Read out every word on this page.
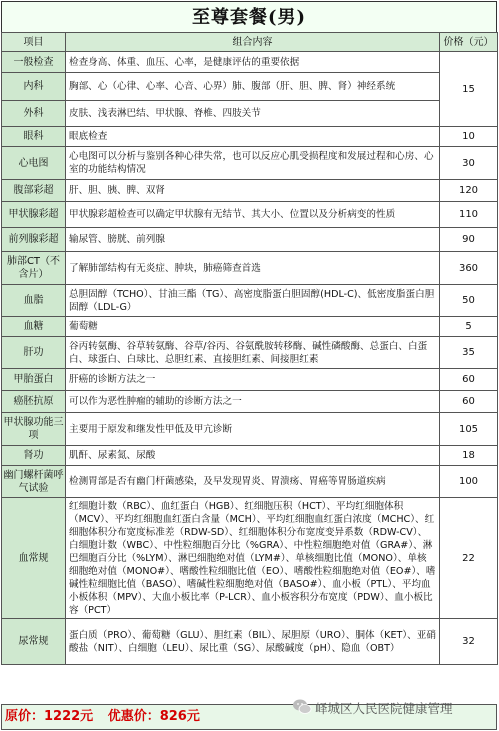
至尊套餐(男)
项目	组合内容	价格（元）
一般检查	检查身高、体重、血压、心率，是健康评估的重要依据	15
内科	胸部、心（心律、心率、心音、心界）肺、腹部（肝、胆、脾、肾）神经系统	
外科	皮肤、浅表淋巴结、甲状腺、脊椎、四肢关节	
眼科	眼底检查	10
心电图	心电图可以分析与鉴别各种心律失常，也可以反应心肌受损程度和发展过程和心房、心室的功能结构情况	30
腹部彩超	肝、胆、胰、脾、双肾	120
甲状腺彩超	甲状腺彩超检查可以确定甲状腺有无结节、其大小、位置以及分析病变的性质	110
前列腺彩超	输尿管、膀胱、前列腺	90
肺部CT（不含片）	了解肺部结构有无炎症、肿块，肺癌筛查首选	360
血脂	总胆固醇（TCHO）、甘油三酯（TG）、高密度脂蛋白胆固醇(HDL-C)、低密度脂蛋白胆固醇（LDL-G）	50
血糖	葡萄糖	5
肝功	谷丙转氨酶、谷草转氨酶、谷草/谷丙、谷氨酰胺转移酶、碱性磷酸酶、总蛋白、白蛋白、球蛋白、白球比、总胆红素、直接胆红素、间接胆红素	35
甲胎蛋白	肝癌的诊断方法之一	60
癌胚抗原	可以作为恶性肿瘤的辅助的诊断方法之一	60
甲状腺功能三项	主要用于原发和继发性甲低及甲亢诊断	105
肾功	肌酐、尿素氮、尿酸	18
幽门螺杆菌呼气试验	检测胃部是否有幽门杆菌感染，及早发现胃炎、胃溃疡、胃癌等胃肠道疾病	100
血常规	红细胞计数（RBC）、血红蛋白（HGB）、红细胞压积（HCT）、平均红细胞体积（MCV）、平均红细胞血红蛋白含量（MCH）、平均红细胞血红蛋白浓度（MCHC）、红细胞体积分布宽度标准差（RDW-SD）、红细胞体积分布宽度变异系数（RDW-CV）、白细胞计数（WBC）、中性粒细胞百分比（%GRA）、中性粒细胞绝对值（GRA#）、淋巴细胞百分比（%LYM）、淋巴细胞绝对值（LYM#）、单核细胞比值（MONO）、单核细胞绝对值（MONO#）、嗜酸性粒细胞比值（EO）、嗜酸性粒细胞绝对值（EO#）、嗜碱性粒细胞比值（BASO）、嗜碱性粒细胞绝对值（BASO#）、血小板（PTL）、平均血小板体积（MPV）、大血小板比率（P-LCR）、血小板容积分布宽度（PDW）、血小板比容（PCT）	22
尿常规	蛋白质（PRO）、葡萄糖（GLU）、胆红素（BIL）、尿胆原（URO）、胴体（KET）、亚硝酸盐（NIT）、白细胞（LEU）、尿比重（SG）、尿酸碱度（pH）、隐血（OBT）	32
原价：1222元 优惠价：826元
峄城区人民医院健康管理
